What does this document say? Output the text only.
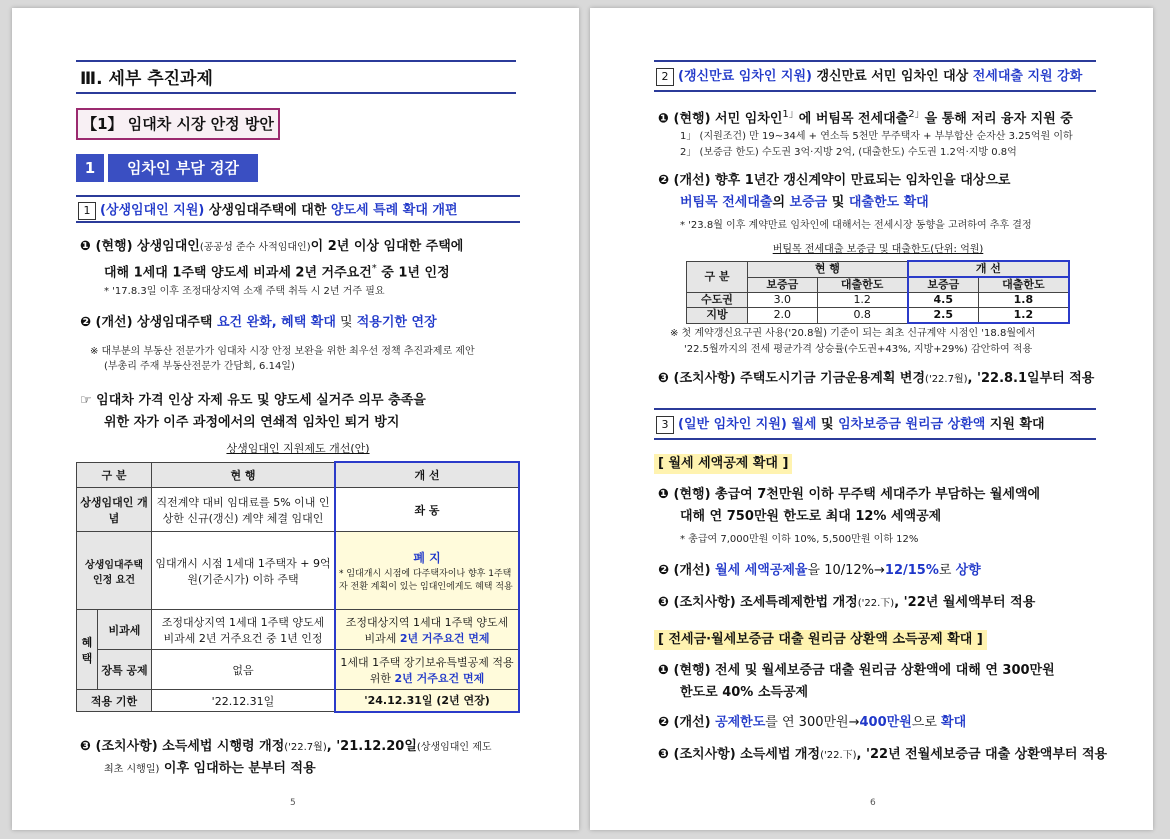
Ⅲ. 세부 추진과제
【1】 임대차 시장 안정 방안
1	임차인 부담 경감
1 (상생임대인 지원) 상생임대주택에 대한 양도세 특례 확대 개편
❶ (현행) 상생임대인(공공성 준수 사적임대인)이 2년 이상 임대한 주택에
대해 1세대 1주택 양도세 비과세 2년 거주요건* 중 1년 인정
* '17.8.3일 이후 조정대상지역 소재 주택 취득 시 2년 거주 필요
❷ (개선) 상생임대주택 요건 완화, 혜택 확대 및 적용기한 연장
※ 대부분의 부동산 전문가가 임대차 시장 안정 보완을 위한 최우선 정책 추진과제로 제안
(부총리 주재 부동산전문가 간담회, 6.14일)
☞ 임대차 가격 인상 자제 유도 및 양도세 실거주 의무 충족을
위한 자가 이주 과정에서의 연쇄적 임차인 퇴거 방지
상생임대인 지원제도 개선(안)
구 분		현 행	개 선
상생임대인 개념		직전계약 대비 임대료를 5% 이내 인상한 신규(갱신) 계약 체결 임대인	좌 동
상생임대주택 인정 요건		임대개시 시점 1세대 1주택자 + 9억원(기준시가) 이하 주택	폐 지
* 임대개시 시점에 다주택자이나 향후 1주택자 전환 계획이 있는 임대인에게도 혜택 적용

혜 택	비과세	조정대상지역 1세대 1주택 양도세 비과세 2년 거주요건 중 1년 인정	조정대상지역 1세대 1주택 양도세 비과세 2년 거주요건 면제
	장특 공제	없음	1세대 1주택 장기보유특별공제 적용 위한 2년 거주요건 면제
적용 기한		'22.12.31일	'24.12.31일 (2년 연장)
❸ (조치사항) 소득세법 시행령 개정('22.7월), '21.12.20일(상생임대인 제도
최초 시행일) 이후 임대하는 분부터 적용
5
2 (갱신만료 임차인 지원) 갱신만료 서민 임차인 대상 전세대출 지원 강화
❶ (현행) 서민 임차인$^{1」}$에 버팀목 전세대출$^{2」}$을 통해 저리 융자 지원 중
1」 (지원조건) 만 19~34세 + 연소득 5천만 무주택자 + 부부합산 순자산 3.25억원 이하
2」 (보증금 한도) 수도권 3억·지방 2억, (대출한도) 수도권 1.2억·지방 0.8억
❷ (개선) 향후 1년간 갱신계약이 만료되는 임차인을 대상으로
버팀목 전세대출의 보증금 및 대출한도 확대
* '23.8월 이후 계약만료 임차인에 대해서는 전세시장 동향을 고려하여 추후 결정
버팀목 전세대출 보증금 및 대출한도(단위: 억원)
구 분	현 행		개 선	
	보증금	대출한도	보증금	대출한도
수도권	3.0	1.2	4.5	1.8
지방	2.0	0.8	2.5	1.2
※ 첫 계약갱신요구권 사용('20.8월) 기준이 되는 최초 신규계약 시점인 '18.8월에서
'22.5월까지의 전세 평균가격 상승률(수도권+43%, 지방+29%) 감안하여 적용
❸ (조치사항) 주택도시기금 기금운용계획 변경('22.7월), '22.8.1일부터 적용
3 (일반 임차인 지원) 월세 및 임차보증금 원리금 상환액 지원 확대
[ 월세 세액공제 확대 ]
❶ (현행) 총급여 7천만원 이하 무주택 세대주가 부담하는 월세액에
대해 연 750만원 한도로 최대 12% 세액공제
* 총급여 7,000만원 이하 10%, 5,500만원 이하 12%
❷ (개선) 월세 세액공제율을 10/12%→12/15%로 상향
❸ (조치사항) 조세특례제한법 개정('22.下), '22년 월세액부터 적용
[ 전세금·월세보증금 대출 원리금 상환액 소득공제 확대 ]
❶ (현행) 전세 및 월세보증금 대출 원리금 상환액에 대해 연 300만원
한도로 40% 소득공제
❷ (개선) 공제한도를 연 300만원→400만원으로 확대
❸ (조치사항) 소득세법 개정('22.下), '22년 전월세보증금 대출 상환액부터 적용
6
